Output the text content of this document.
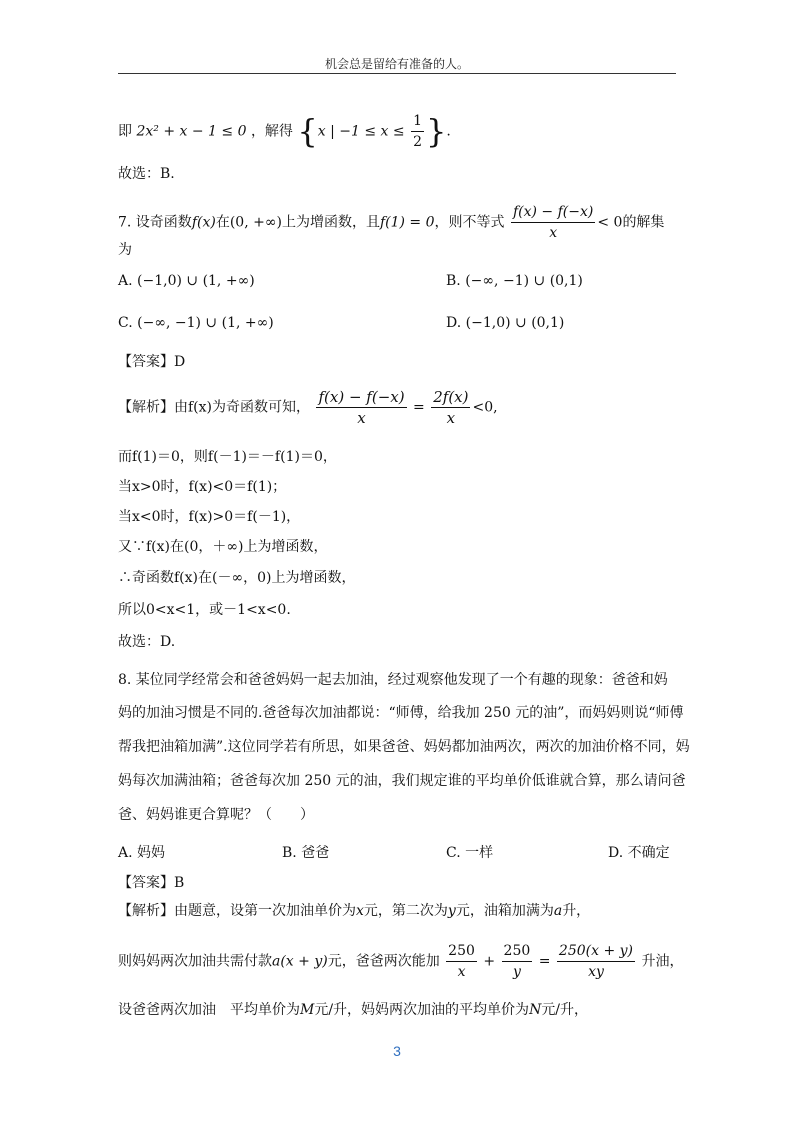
机会总是留给有准备的人。
即 2x² + x − 1 ≤ 0 ，解得 {x | $-1 \le x \le \frac{1}{2}$ }.
故选：B.
7. 设奇函数f(x)在(0, +∞)上为增函数，且f(1) = 0，则不等式 $\frac{f(x) - f(-x)}{x} < 0$的解集
为
A. (−1,0) ∪ (1, +∞)	B. (−∞, −1) ∪ (0,1)
C. (−∞, −1) ∪ (1, +∞)	D. (−1,0) ∪ (0,1)
【答案】D
【解析】由f(x)为奇函数可知， $\frac{f(x) - f(-x)}{x} = \frac{2f(x)}{x} <0$,
而f(1)＝0，则f(－1)＝－f(1)＝0，
当x>0时，f(x)<0＝f(1)；
当x<0时，f(x)>0＝f(－1)，
又∵f(x)在(0，＋∞)上为增函数，
∴奇函数f(x)在(－∞，0)上为增函数，
所以0<x<1，或－1<x<0.
故选：D.
8. 某位同学经常会和爸爸妈妈一起去加油，经过观察他发现了一个有趣的现象：爸爸和妈
妈的加油习惯是不同的.爸爸每次加油都说：“师傅，给我加 250 元的油”，而妈妈则说“师傅
帮我把油箱加满”.这位同学若有所思，如果爸爸、妈妈都加油两次，两次的加油价格不同，妈
妈每次加满油箱；爸爸每次加 250 元的油，我们规定谁的平均单价低谁就合算，那么请问爸
爸、妈妈谁更合算呢？（　　）
A. 妈妈	B. 爸爸	C. 一样	D. 不确定
【答案】B
【解析】由题意，设第一次加油单价为x元，第二次为y元，油箱加满为a升，
则妈妈两次加油共需付款a(x + y)元，爸爸两次能加 $\frac{250}{x} + \frac{250}{y} = \frac{250(x + y)}{xy}$ 升油，
设爸爸两次加油　平均单价为M元/升，妈妈两次加油的平均单价为N元/升，
3
